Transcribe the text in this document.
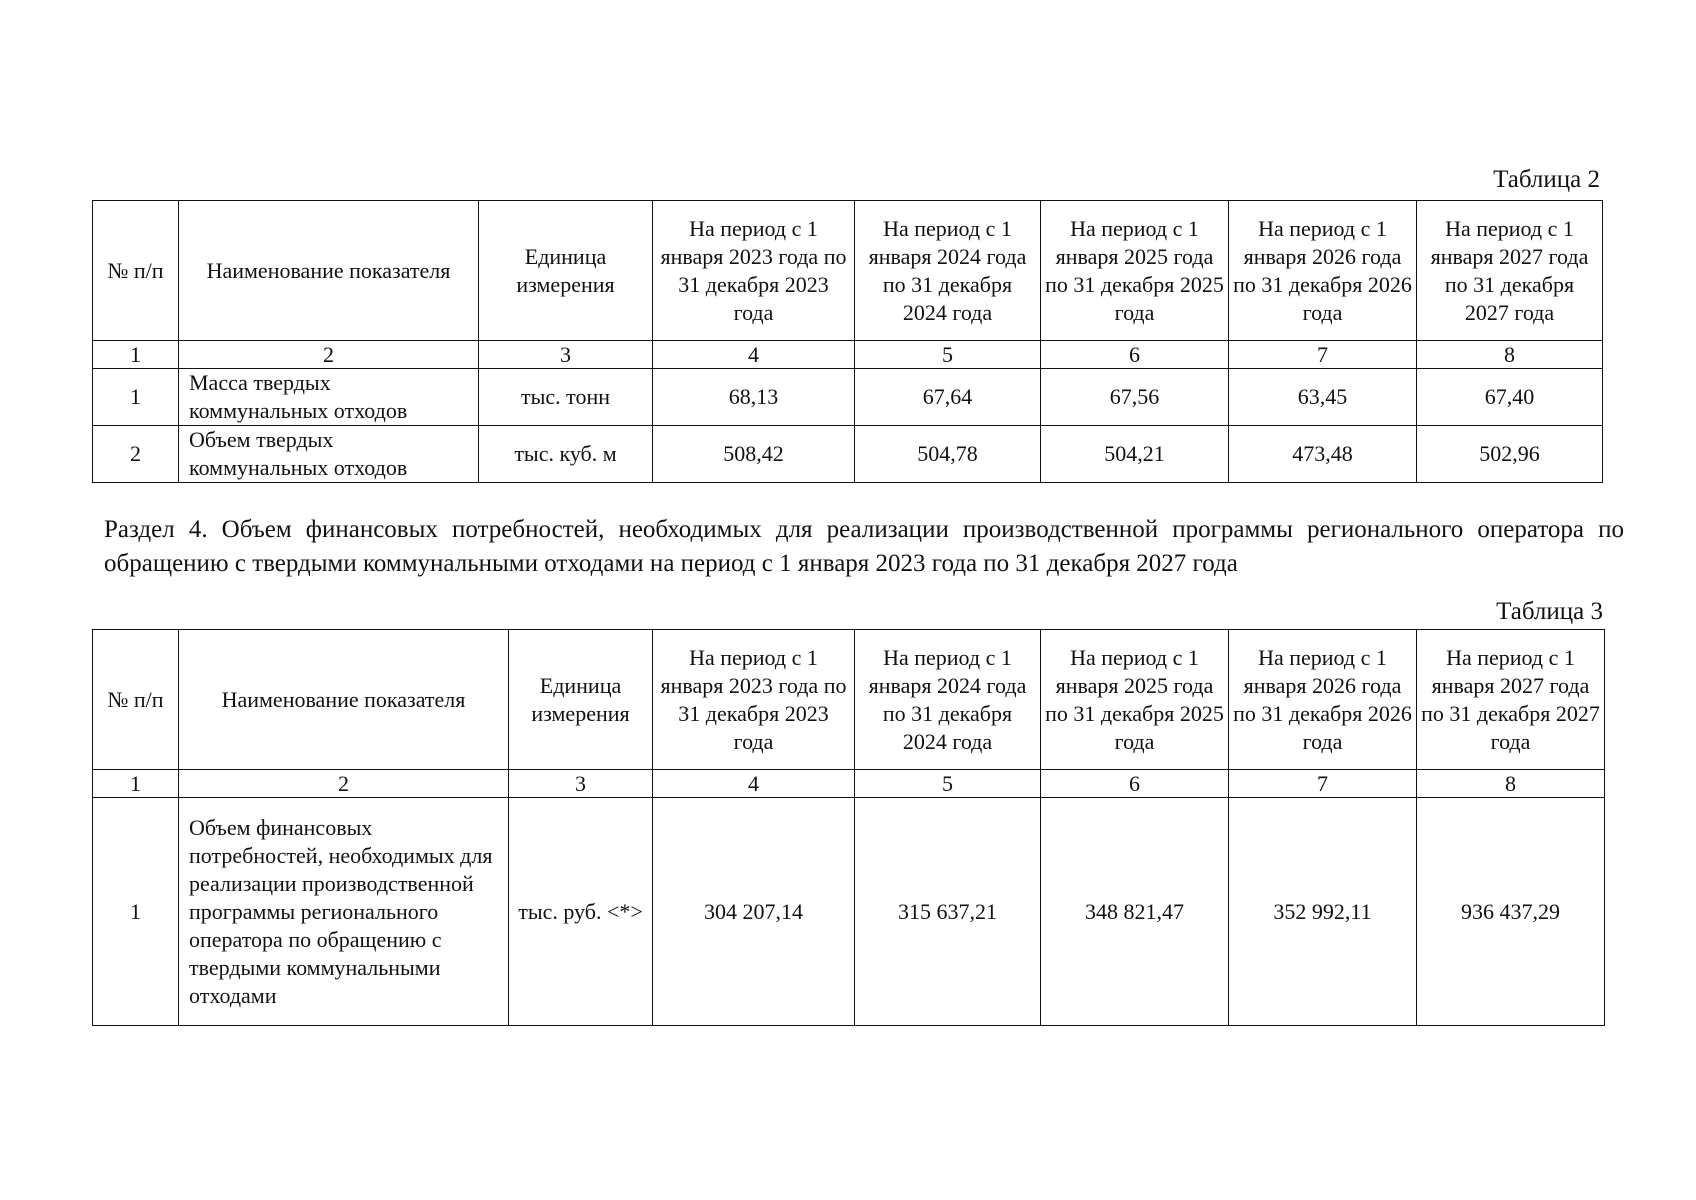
Таблица 2
№ п/п	Наименование показателя	Единица измерения	На период с 1 января 2023 года по 31 декабря 2023 года	На период с 1 января 2024 года по 31 декабря 2024 года	На период с 1 января 2025 года по 31 декабря 2025 года	На период с 1 января 2026 года по 31 декабря 2026 года	На период с 1 января 2027 года по 31 декабря 2027 года
1	2	3	4	5	6	7	8
1	Масса твердых коммунальных отходов	тыс. тонн	68,13	67,64	67,56	63,45	67,40
2	Объем твердых коммунальных отходов	тыс. куб. м	508,42	504,78	504,21	473,48	502,96
Раздел 4. Объем финансовых потребностей, необходимых для реализации производственной программы регионального оператора по обращению с твердыми коммунальными отходами на период с 1 января 2023 года по 31 декабря 2027 года
Таблица 3
№ п/п	Наименование показателя	Единица измерения	На период с 1 января 2023 года по 31 декабря 2023 года	На период с 1 января 2024 года по 31 декабря 2024 года	На период с 1 января 2025 года по 31 декабря 2025 года	На период с 1 января 2026 года по 31 декабря 2026 года	На период с 1 января 2027 года по 31 декабря 2027 года
1	2	3	4	5	6	7	8
1	Объем финансовых потребностей, необходимых для реализации производственной программы регионального оператора по обращению с твердыми коммунальными отходами	тыс. руб. <*>	304 207,14	315 637,21	348 821,47	352 992,11	936 437,29
